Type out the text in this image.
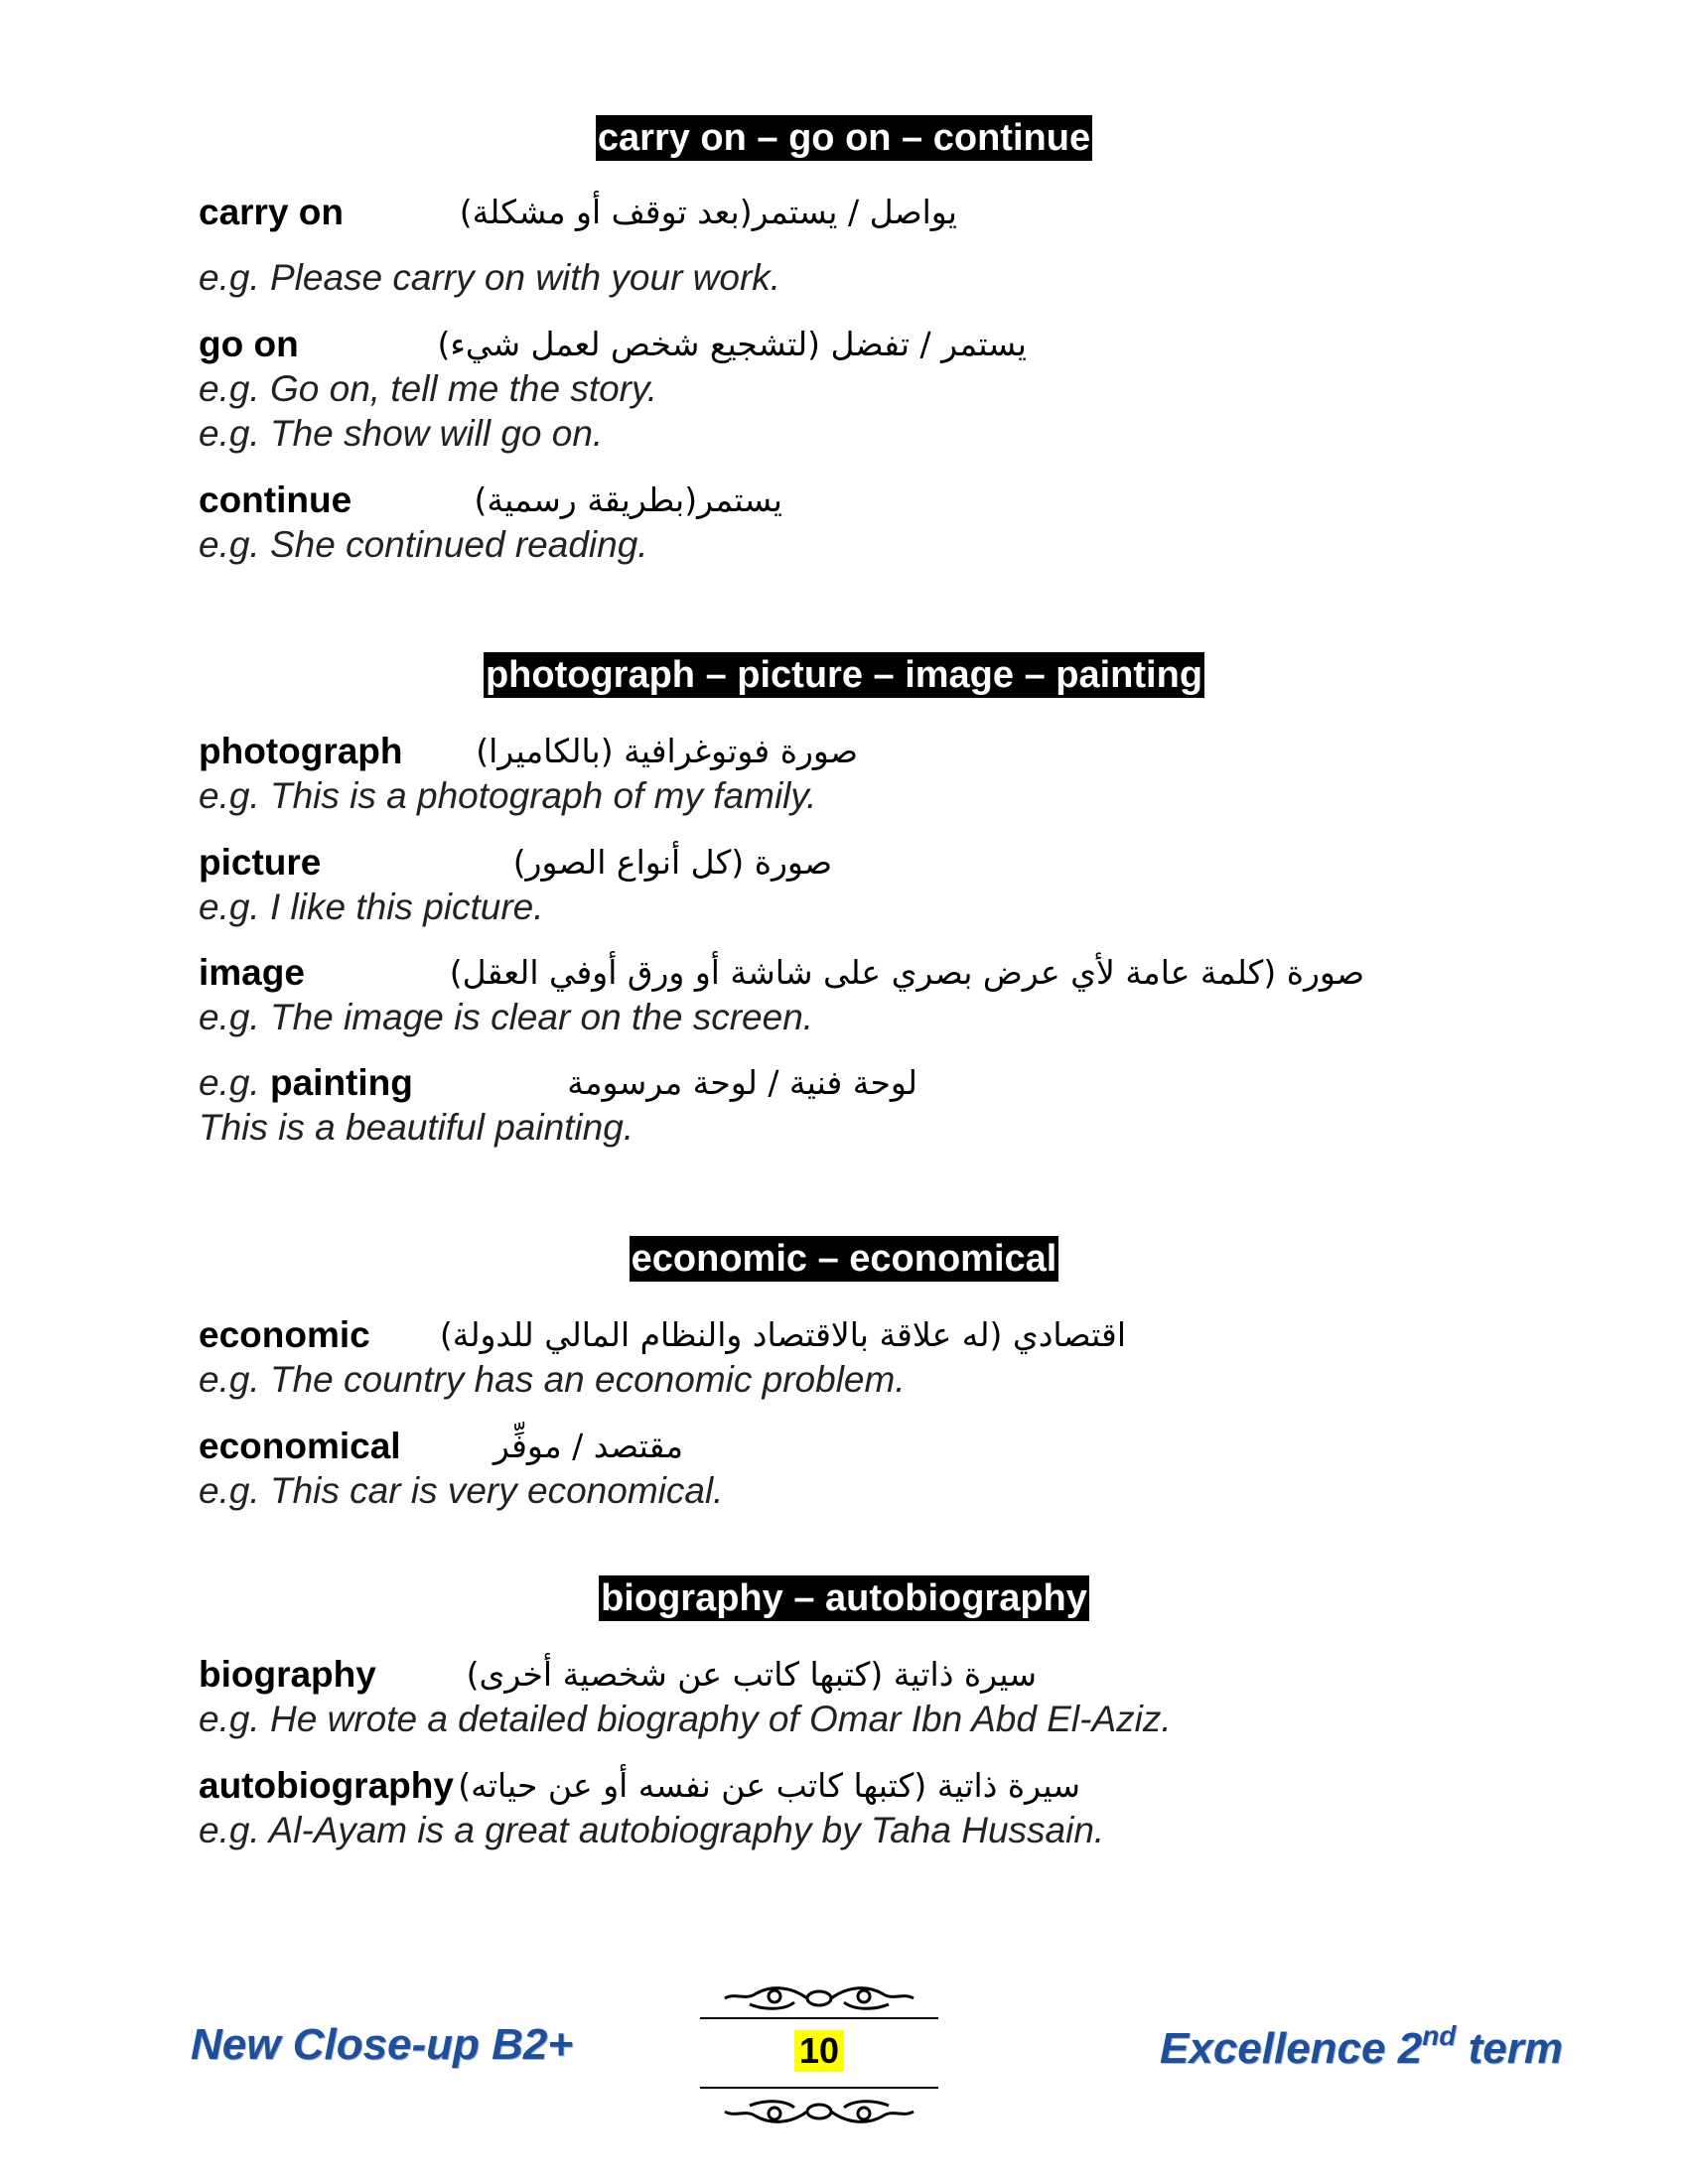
carry on – go on – continue
carry on	يواصل / يستمر(بعد توقف أو مشكلة)
e.g. Please carry on with your work.
go on	يستمر / تفضل (لتشجيع شخص لعمل شيء)
e.g. Go on, tell me the story.
e.g. The show will go on.
continue	يستمر(بطريقة رسمية)
e.g. She continued reading.
photograph – picture – image – painting
photograph صورة فوتوغرافية (بالكاميرا)
e.g. This is a photograph of my family.
picture	صورة (كل أنواع الصور)
e.g. I like this picture.
image	صورة (كلمة عامة لأي عرض بصري على شاشة أو ورق أوفي العقل)
e.g. The image is clear on the screen.
e.g. painting	لوحة فنية / لوحة مرسومة
This is a beautiful painting.
economic – economical
economic اقتصادي (له علاقة بالاقتصاد والنظام المالي للدولة)
e.g. The country has an economic problem.
economical	مقتصد / موفِّر
e.g. This car is very economical.
biography – autobiography
biography	سيرة ذاتية (كتبها كاتب عن شخصية أخرى)
e.g. He wrote a detailed biography of Omar Ibn Abd El-Aziz.
autobiography سيرة ذاتية (كتبها كاتب عن نفسه أو عن حياته)
e.g. Al-Ayam is a great autobiography by Taha Hussain.
New Close-up B2+	10	Excellence 2nd term
